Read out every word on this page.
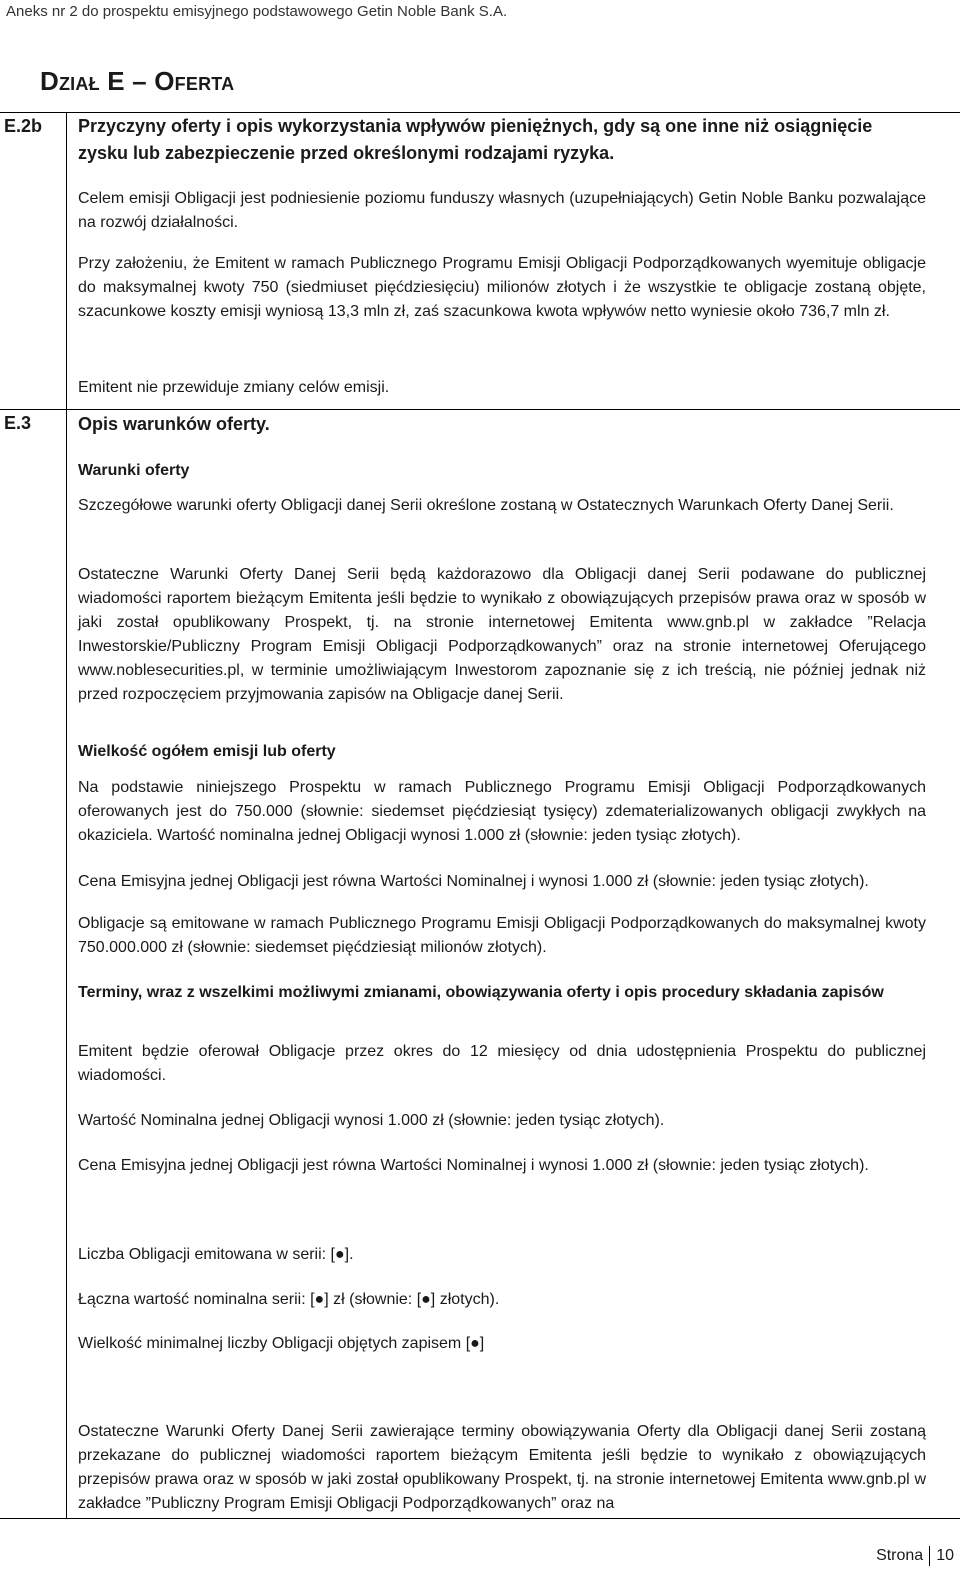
Aneks nr 2 do prospektu emisyjnego podstawowego Getin Noble Bank S.A.
Dział E – Oferta
E.2b
E.3

Przyczyny oferty i opis wykorzystania wpływów pieniężnych, gdy są one inne niż osiągnięcie zysku lub zabezpieczenie przed określonymi rodzajami ryzyka.

Celem emisji Obligacji jest podniesienie poziomu funduszy własnych (uzupełniających) Getin Noble Banku pozwalające na rozwój działalności.

Przy założeniu, że Emitent w ramach Publicznego Programu Emisji Obligacji Podporządkowanych wyemituje obligacje do maksymalnej kwoty 750 (siedmiuset pięćdziesięciu) milionów złotych i że wszystkie te obligacje zostaną objęte, szacunkowe koszty emisji wyniosą 13,3 mln zł, zaś szacunkowa kwota wpływów netto wyniesie około 736,7 mln zł.

Emitent nie przewiduje zmiany celów emisji.

Opis warunków oferty.

Warunki oferty

Szczegółowe warunki oferty Obligacji danej Serii określone zostaną w Ostatecznych Warunkach Oferty Danej Serii.

Ostateczne Warunki Oferty Danej Serii będą każdorazowo dla Obligacji danej Serii podawane do publicznej wiadomości raportem bieżącym Emitenta jeśli będzie to wynikało z obowiązujących przepisów prawa oraz w sposób w jaki został opublikowany Prospekt, tj. na stronie internetowej Emitenta www.gnb.pl w zakładce ”Relacja Inwestorskie/Publiczny Program Emisji Obligacji Podporządkowanych” oraz na stronie internetowej Oferującego www.noblesecurities.pl, w terminie umożliwiającym Inwestorom zapoznanie się z ich treścią, nie później jednak niż przed rozpoczęciem przyjmowania zapisów na Obligacje danej Serii.

Wielkość ogółem emisji lub oferty

Na podstawie niniejszego Prospektu w ramach Publicznego Programu Emisji Obligacji Podporządkowanych oferowanych jest do 750.000 (słownie: siedemset pięćdziesiąt tysięcy) zdematerializowanych obligacji zwykłych na okaziciela. Wartość nominalna jednej Obligacji wynosi 1.000 zł (słownie: jeden tysiąc złotych).

Cena Emisyjna jednej Obligacji jest równa Wartości Nominalnej i wynosi 1.000 zł (słownie: jeden tysiąc złotych).

Obligacje są emitowane w ramach Publicznego Programu Emisji Obligacji Podporządkowanych do maksymalnej kwoty 750.000.000 zł (słownie: siedemset pięćdziesiąt milionów złotych).

Terminy, wraz z wszelkimi możliwymi zmianami, obowiązywania oferty i opis procedury składania zapisów

Emitent będzie oferował Obligacje przez okres do 12 miesięcy od dnia udostępnienia Prospektu do publicznej wiadomości.

Wartość Nominalna jednej Obligacji wynosi 1.000 zł (słownie: jeden tysiąc złotych).

Cena Emisyjna jednej Obligacji jest równa Wartości Nominalnej i wynosi 1.000 zł (słownie: jeden tysiąc złotych).

Liczba Obligacji emitowana w serii: [●].

Łączna wartość nominalna serii: [●] zł (słownie: [●] złotych).

Wielkość minimalnej liczby Obligacji objętych zapisem [●]

Ostateczne Warunki Oferty Danej Serii zawierające terminy obowiązywania Oferty dla Obligacji danej Serii zostaną przekazane do publicznej wiadomości raportem bieżącym Emitenta jeśli będzie to wynikało z obowiązujących przepisów prawa oraz w sposób w jaki został opublikowany Prospekt, tj. na stronie internetowej Emitenta www.gnb.pl w zakładce ”Publiczny Program Emisji Obligacji Podporządkowanych” oraz na

Strona 10
